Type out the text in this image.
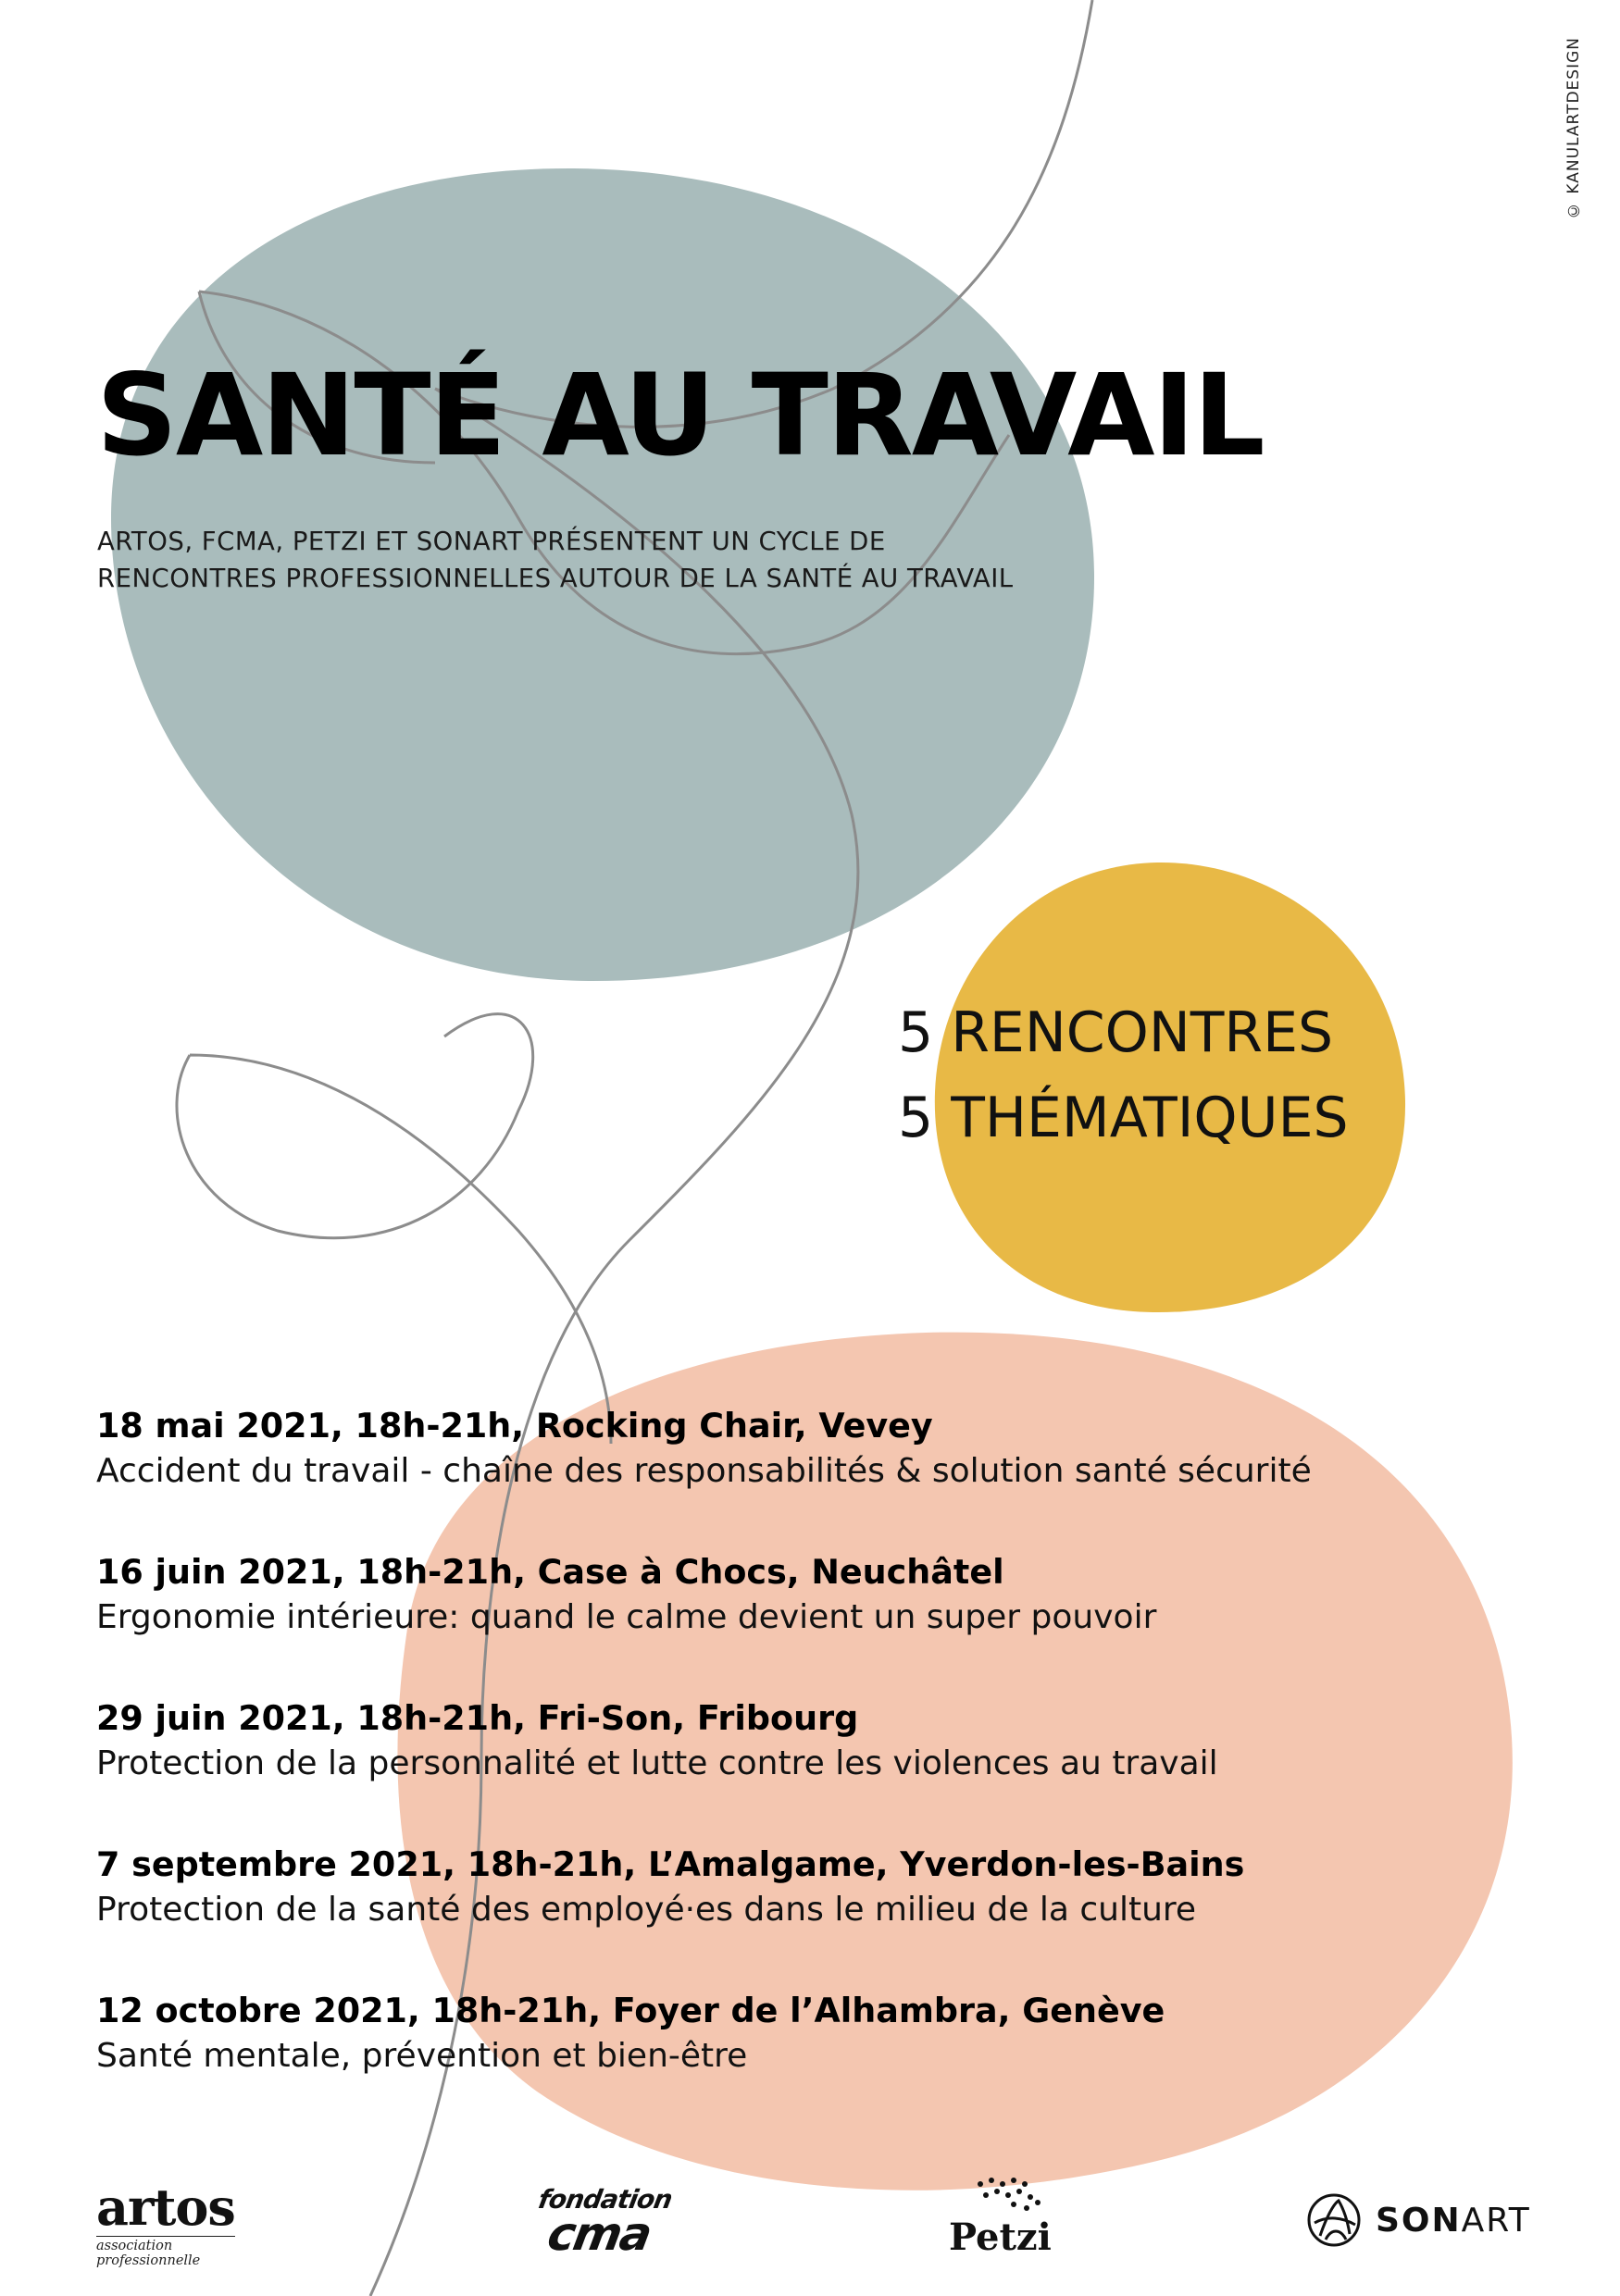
© KANULARTDESIGN
SANTÉ AU TRAVAIL
ARTOS, FCMA, PETZI ET SONART PRÉSENTENT UN CYCLE DE
RENCONTRES PROFESSIONNELLES AUTOUR DE LA SANTÉ AU TRAVAIL
5 RENCONTRES
5 THÉMATIQUES
18 mai 2021, 18h-21h, Rocking Chair, Vevey
Accident du travail - chaîne des responsabilités & solution santé sécurité
16 juin 2021, 18h-21h, Case à Chocs, Neuchâtel
Ergonomie intérieure: quand le calme devient un super pouvoir
29 juin 2021, 18h-21h, Fri-Son, Fribourg
Protection de la personnalité et lutte contre les violences au travail
7 septembre 2021, 18h-21h, L’Amalgame, Yverdon-les-Bains
Protection de la santé des employé·es dans le milieu de la culture
12 octobre 2021, 18h-21h, Foyer de l’Alhambra, Genève
Santé mentale, prévention et bien-être
artos
association professionnelle
fondation
cma	Petzi	SON ART
